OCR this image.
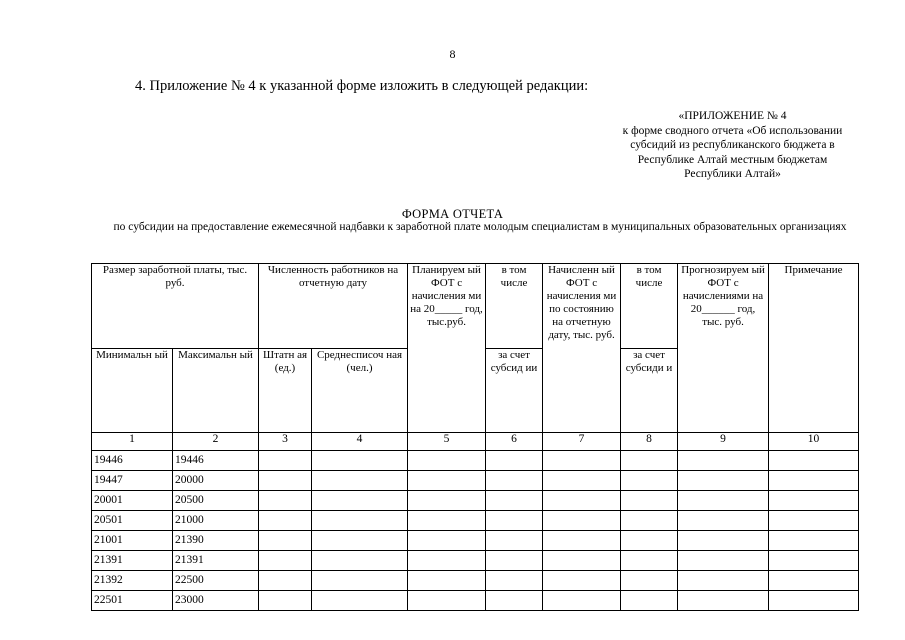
8
4. Приложение № 4 к указанной форме изложить в следующей редакции:
«ПРИЛОЖЕНИЕ № 4
к форме сводного отчета «Об использовании
субсидий из республиканского бюджета в
Республике Алтай местным бюджетам
Республики Алтай»
ФОРМА ОТЧЕТА
по субсидии на предоставление ежемесячной надбавки к заработной плате молодым специалистам в муниципальных образовательных организациях
Размер заработной платы, тыс. руб.		Численность работников на отчетную дату		Планируем ый ФОТ с начисления ми на 20_____ год, тыс.руб.	в том числе	Начисленн ый ФОТ с начисления ми по состоянию на отчетную дату, тыс. руб.	в том числе	Прогнозируем ый ФОТ с начислениями на 20______ год, тыс. руб.	Примечание
Минимальн ый	Максимальн ый	Штатн ая (ед.)	Среднесписоч ная (чел.)		за счет субсид ии		за счет субсиди и		
1	2	3	4	5	6	7	8	9	10
19446	19446								
19447	20000								
20001	20500								
20501	21000								
21001	21390								
21391	21391								
21392	22500								
22501	23000								
